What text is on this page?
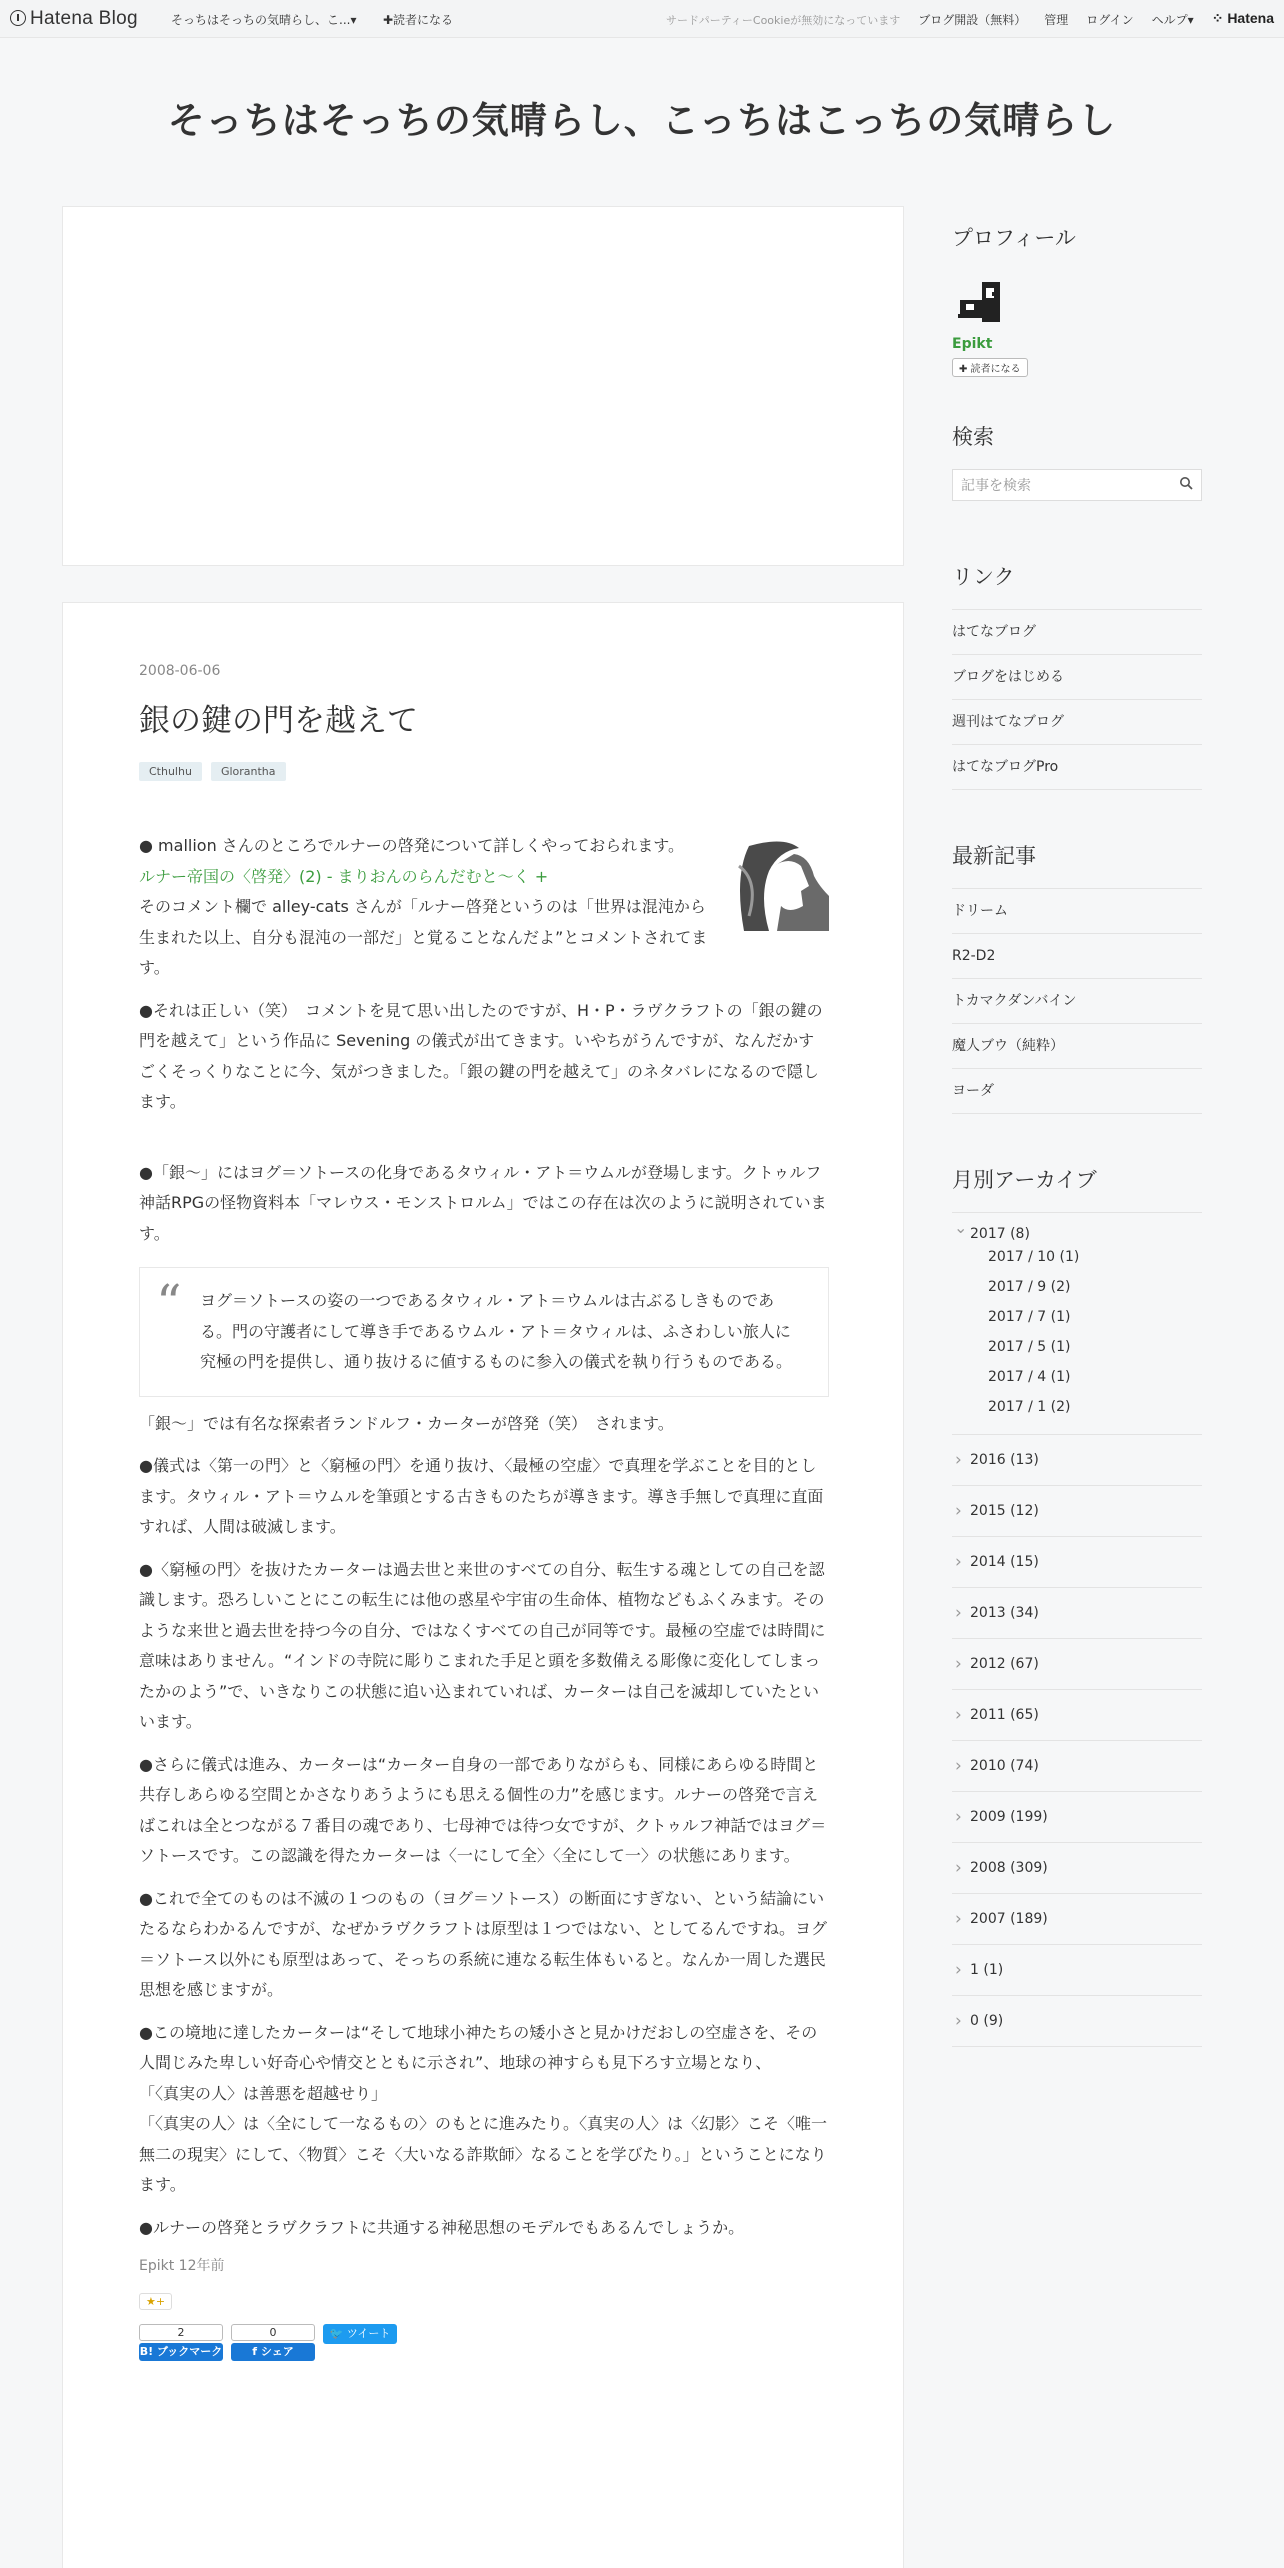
Hatena Blog	そっちはそっちの気晴らし、こ...▾ ✚読者になる	サードパーティーCookieが無効になっています ブログ開設（無料） 管理 ログイン ヘルプ▾ ⁘ Hatena
そっちはそっちの気晴らし、こっちはこっちの気晴らし
2008-06-06
銀の鍵の門を越えて
Cthulhu	Glorantha

● mallion さんのところでルナーの啓発について詳しくやっておられます。
ルナー帝国の〈啓発〉(2) - まりおんのらんだむと〜く +
そのコメント欄で alley-cats さんが「ルナー啓発というのは「世界は混沌から生まれた以上、自分も混沌の一部だ」と覚ることなんだよ”とコメントされてます。

●それは正しい（笑）　コメントを見て思い出したのですが、H・P・ラヴクラフトの「銀の鍵の門を越えて」という作品に Sevening の儀式が出てきます。いやちがうんですが、なんだかすごくそっくりなことに今、気がつきました。「銀の鍵の門を越えて」のネタバレになるので隠します。

●「銀〜」にはヨグ＝ソトースの化身であるタウィル・アト＝ウムルが登場します。クトゥルフ神話RPGの怪物資料本「マレウス・モンストロルム」ではこの存在は次のように説明されています。

“ ヨグ＝ソトースの姿の一つであるタウィル・アト＝ウムルは古ぶるしきものである。門の守護者にして導き手であるウムル・アト＝タウィルは、ふさわしい旅人に究極の門を提供し、通り抜けるに値するものに参入の儀式を執り行うものである。

「銀〜」では有名な探索者ランドルフ・カーターが啓発（笑）　されます。

●儀式は〈第一の門〉と〈窮極の門〉を通り抜け、〈最極の空虚〉で真理を学ぶことを目的とします。タウィル・アト＝ウムルを筆頭とする古きものたちが導きます。導き手無しで真理に直面すれば、人間は破滅します。

●〈窮極の門〉を抜けたカーターは過去世と来世のすべての自分、転生する魂としての自己を認識します。恐ろしいことにこの転生には他の惑星や宇宙の生命体、植物などもふくみます。そのような来世と過去世を持つ今の自分、ではなくすべての自己が同等です。最極の空虚では時間に意味はありません。“インドの寺院に彫りこまれた手足と頭を多数備える彫像に変化してしまったかのよう”で、いきなりこの状態に追い込まれていれば、カーターは自己を滅却していたといいます。

●さらに儀式は進み、カーターは“カーター自身の一部でありながらも、同様にあらゆる時間と共存しあらゆる空間とかさなりあうようにも思える個性の力”を感じます。ルナーの啓発で言えばこれは全とつながる７番目の魂であり、七母神では待つ女ですが、クトゥルフ神話ではヨグ＝ソトースです。この認識を得たカーターは〈一にして全〉〈全にして一〉の状態にあります。

●これで全てのものは不滅の１つのもの（ヨグ＝ソトース）の断面にすぎない、という結論にいたるならわかるんですが、なぜかラヴクラフトは原型は１つではない、としてるんですね。ヨグ＝ソトース以外にも原型はあって、そっちの系統に連なる転生体もいると。なんか一周した選民思想を感じますが。

●この境地に達したカーターは“そして地球小神たちの矮小さと見かけだおしの空虚さを、その人間じみた卑しい好奇心や情交とともに示され”、地球の神すらも見下ろす立場となり、
「〈真実の人〉は善悪を超越せり」
「〈真実の人〉は〈全にして一なるもの〉のもとに進みたり。〈真実の人〉は〈幻影〉こそ〈唯一無二の現実〉にして、〈物質〉こそ〈大いなる詐欺師〉なることを学びたり。」ということになります。

●ルナーの啓発とラヴクラフトに共通する神秘思想のモデルでもあるんでしょうか。

Epikt 12年前
★+
2
B! ブックマーク
0
f シェア
🐦 ツイート
プロフィール
Epikt
✚ 読者になる
検索
記事を検索
リンク
はてなブログ
ブログをはじめる
週刊はてなブログ
はてなブログPro
最新記事
ドリーム
R2-D2
トカマクダンバイン
魔人ブウ（純粋）
ヨーダ
月別アーカイブ
⌄ 2017 (8)
2017 / 10 (1)
2017 / 9 (2)
2017 / 7 (1)
2017 / 5 (1)
2017 / 4 (1)
2017 / 1 (2)
› 2016 (13)
› 2015 (12)
› 2014 (15)
› 2013 (34)
› 2012 (67)
› 2011 (65)
› 2010 (74)
› 2009 (199)
› 2008 (309)
› 2007 (189)
› 1 (1)
› 0 (9)
